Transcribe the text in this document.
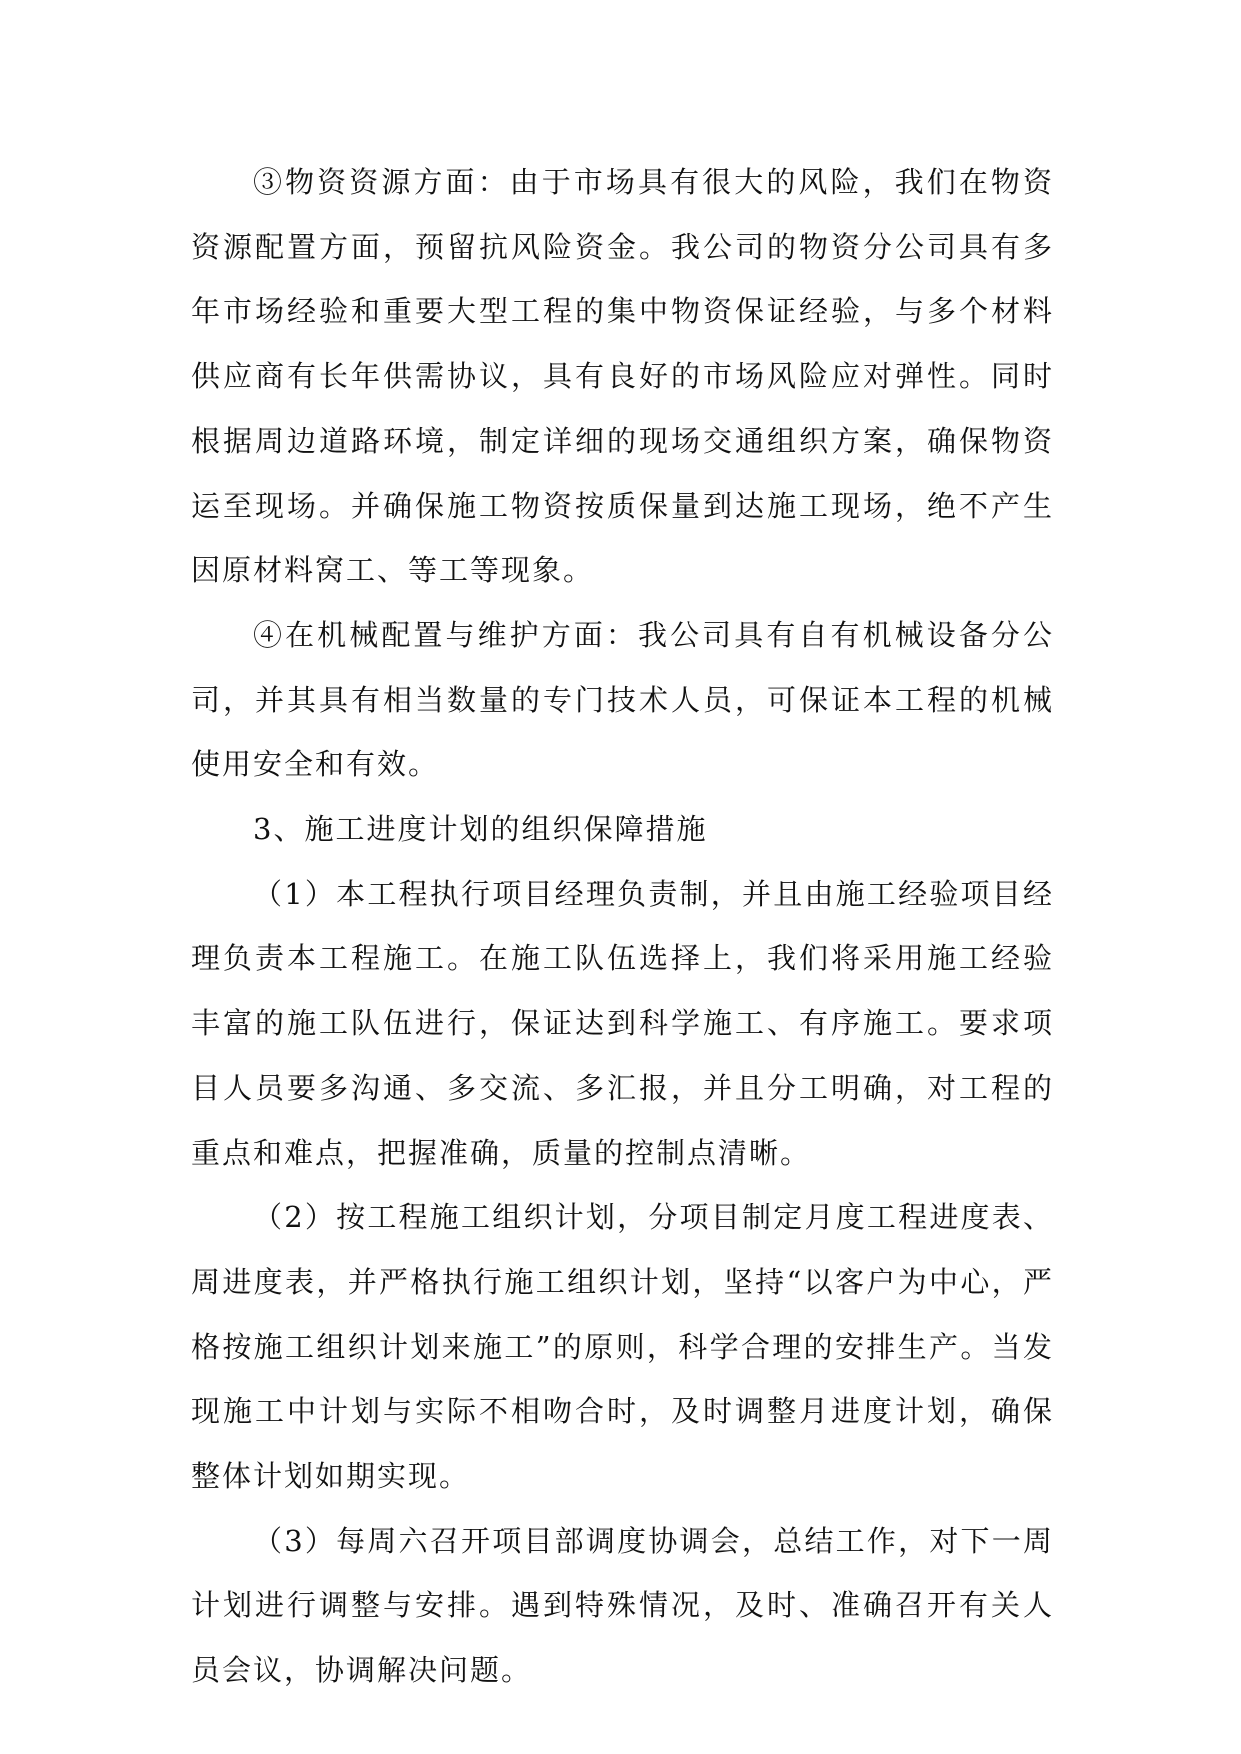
③物资资源方面：由于市场具有很大的风险，我们在物资资源配置方面，预留抗风险资金。我公司的物资分公司具有多年市场经验和重要大型工程的集中物资保证经验，与多个材料供应商有长年供需协议，具有良好的市场风险应对弹性。同时根据周边道路环境，制定详细的现场交通组织方案，确保物资运至现场。并确保施工物资按质保量到达施工现场，绝不产生因原材料窝工、等工等现象。

④在机械配置与维护方面：我公司具有自有机械设备分公司，并其具有相当数量的专门技术人员，可保证本工程的机械使用安全和有效。

3、施工进度计划的组织保障措施

（1）本工程执行项目经理负责制，并且由施工经验项目经理负责本工程施工。在施工队伍选择上，我们将采用施工经验丰富的施工队伍进行，保证达到科学施工、有序施工。要求项目人员要多沟通、多交流、多汇报，并且分工明确，对工程的重点和难点，把握准确，质量的控制点清晰。

（2）按工程施工组织计划，分项目制定月度工程进度表、周进度表，并严格执行施工组织计划，坚持“以客户为中心，严格按施工组织计划来施工”的原则，科学合理的安排生产。当发现施工中计划与实际不相吻合时，及时调整月进度计划，确保整体计划如期实现。

（3）每周六召开项目部调度协调会，总结工作，对下一周计划进行调整与安排。遇到特殊情况，及时、准确召开有关人员会议，协调解决问题。
